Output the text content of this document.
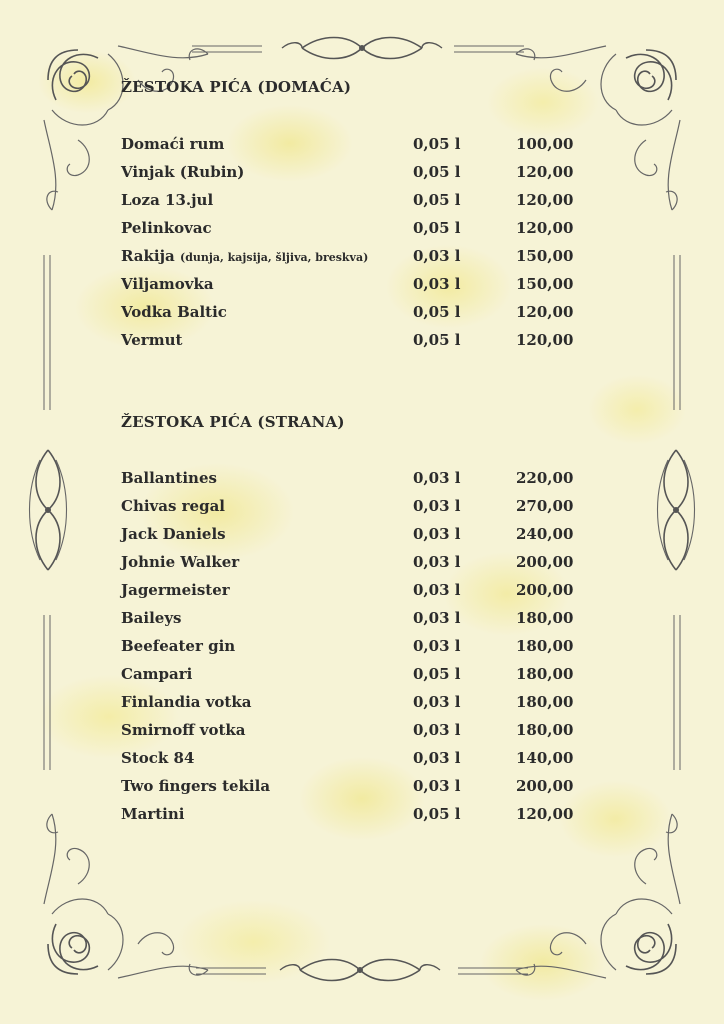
ŽESTOKA PIĆA (DOMAĆA)
Domaći rum	0,05 l	100,00
Vinjak (Rubin)	0,05 l	120,00
Loza 13.jul	0,05 l	120,00
Pelinkovac	0,05 l	120,00
Rakija (dunja, kajsija, šljiva, breskva)	0,03 l	150,00
Viljamovka	0,03 l	150,00
Vodka Baltic	0,05 l	120,00
Vermut	0,05 l	120,00
ŽESTOKA PIĆA (STRANA)
Ballantines	0,03 l	220,00
Chivas regal	0,03 l	270,00
Jack Daniels	0,03 l	240,00
Johnie Walker	0,03 l	200,00
Jagermeister	0,03 l	200,00
Baileys	0,03 l	180,00
Beefeater gin	0,03 l	180,00
Campari	0,05 l	180,00
Finlandia votka	0,03 l	180,00
Smirnoff votka	0,03 l	180,00
Stock 84	0,03 l	140,00
Two fingers tekila	0,03 l	200,00
Martini	0,05 l	120,00
